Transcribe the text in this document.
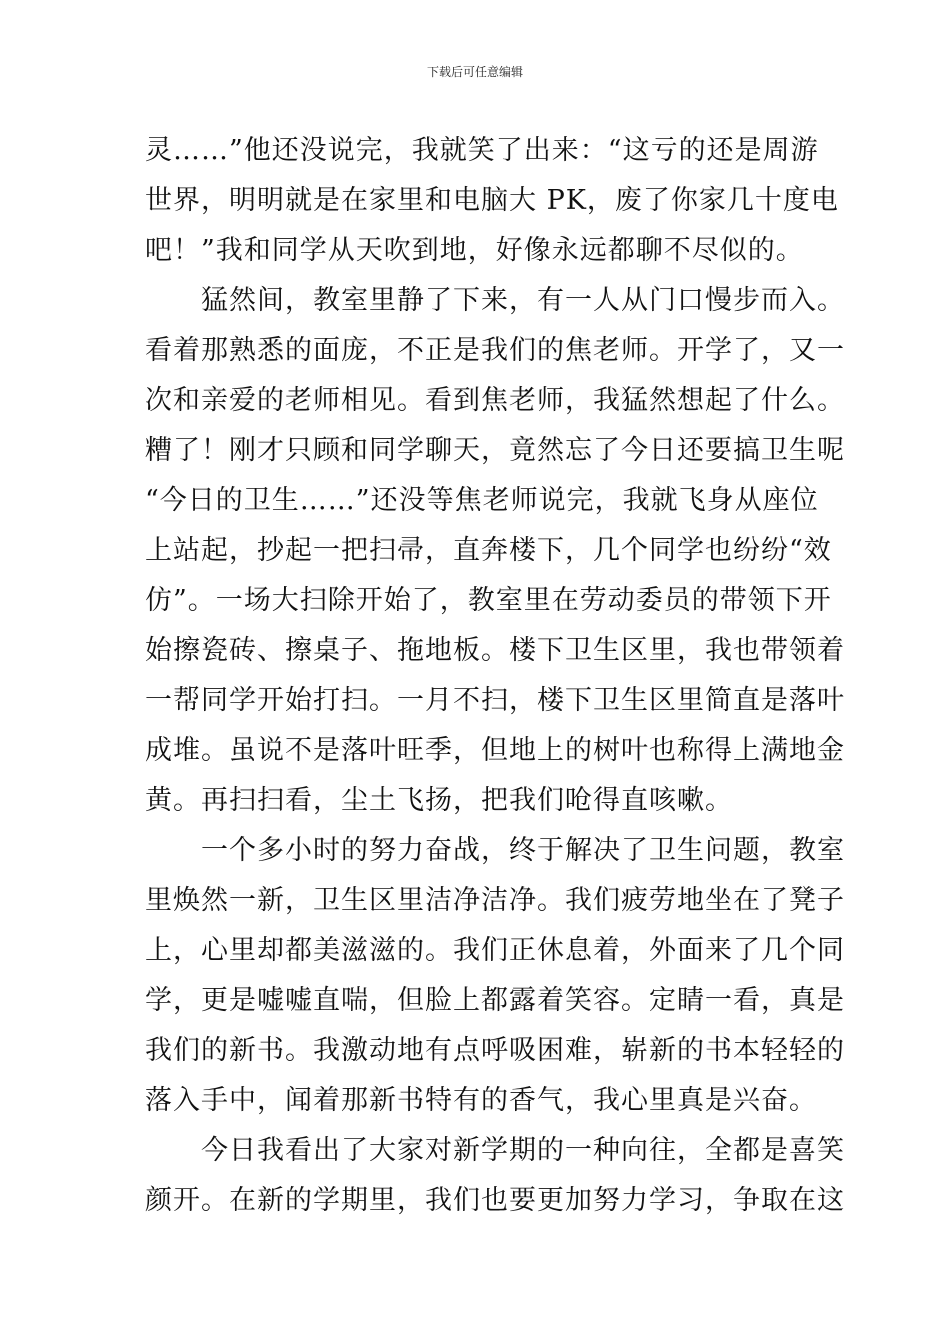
下载后可任意编辑
灵……”他还没说完，我就笑了出来：“这亏的还是周游
世界，明明就是在家里和电脑大 PK，废了你家几十度电
吧！”我和同学从天吹到地，好像永远都聊不尽似的。
　　猛然间，教室里静了下来，有一人从门口慢步而入。
看着那熟悉的面庞，不正是我们的焦老师。开学了，又一
次和亲爱的老师相见。看到焦老师，我猛然想起了什么。
糟了！刚才只顾和同学聊天，竟然忘了今日还要搞卫生呢
“今日的卫生……”还没等焦老师说完，我就飞身从座位
上站起，抄起一把扫帚，直奔楼下，几个同学也纷纷“效
仿”。一场大扫除开始了，教室里在劳动委员的带领下开
始擦瓷砖、擦桌子、拖地板。楼下卫生区里，我也带领着
一帮同学开始打扫。一月不扫，楼下卫生区里简直是落叶
成堆。虽说不是落叶旺季，但地上的树叶也称得上满地金
黄。再扫扫看，尘土飞扬，把我们呛得直咳嗽。
　　一个多小时的努力奋战，终于解决了卫生问题，教室
里焕然一新，卫生区里洁净洁净。我们疲劳地坐在了凳子
上，心里却都美滋滋的。我们正休息着，外面来了几个同
学，更是嘘嘘直喘，但脸上都露着笑容。定睛一看，真是
我们的新书。我激动地有点呼吸困难，崭新的书本轻轻的
落入手中，闻着那新书特有的香气，我心里真是兴奋。
　　今日我看出了大家对新学期的一种向往，全都是喜笑
颜开。在新的学期里，我们也要更加努力学习，争取在这
